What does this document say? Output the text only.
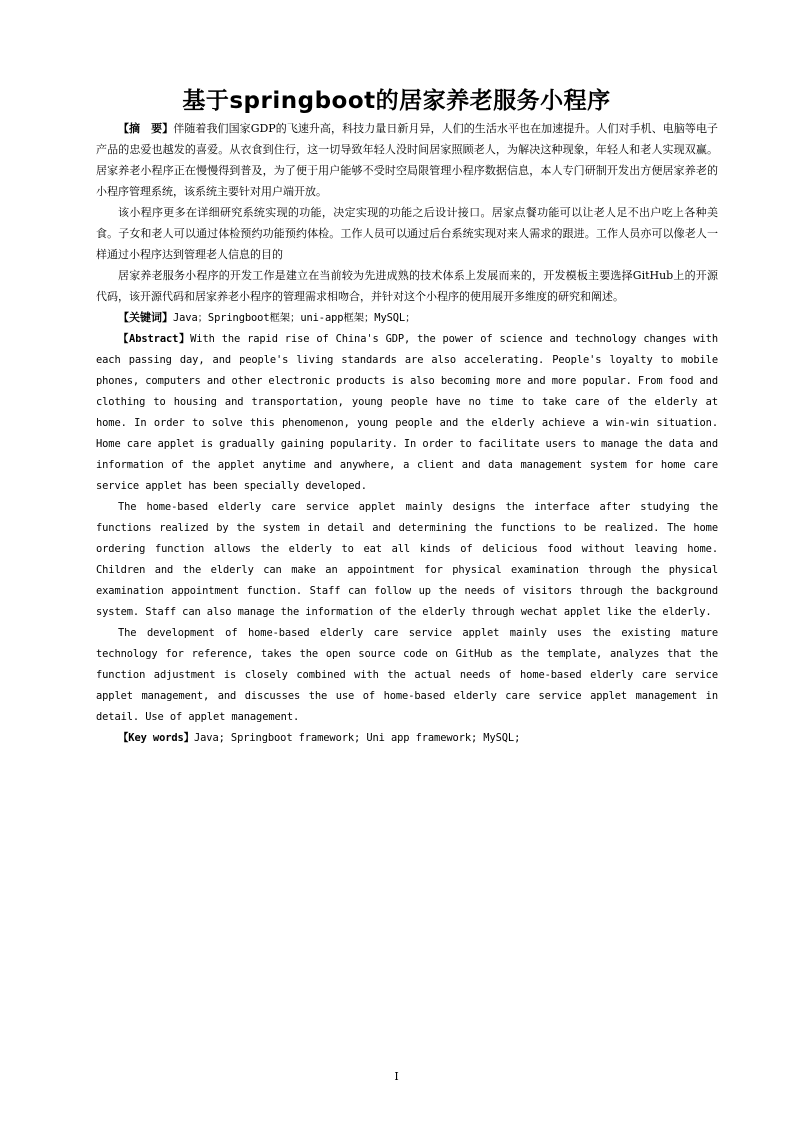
基于springboot的居家养老服务小程序

【摘　要】伴随着我们国家GDP的飞速升高，科技力量日新月异，人们的生活水平也在加速提升。人们对手机、电脑等电子产品的忠爱也越发的喜爱。从衣食到住行，这一切导致年轻人没时间居家照顾老人，为解决这种现象，年轻人和老人实现双赢。居家养老小程序正在慢慢得到普及，为了便于用户能够不受时空局限管理小程序数据信息，本人专门研制开发出方便居家养老的小程序管理系统，该系统主要针对用户端开放。

该小程序更多在详细研究系统实现的功能，决定实现的功能之后设计接口。居家点餐功能可以让老人足不出户吃上各种美食。子女和老人可以通过体检预约功能预约体检。工作人员可以通过后台系统实现对来人需求的跟进。工作人员亦可以像老人一样通过小程序达到管理老人信息的目的

居家养老服务小程序的开发工作是建立在当前较为先进成熟的技术体系上发展而来的，开发模板主要选择GitHub上的开源代码，该开源代码和居家养老小程序的管理需求相吻合，并针对这个小程序的使用展开多维度的研究和阐述。

【关键词】Java；Springboot框架；uni-app框架；MySQL；

【Abstract】With the rapid rise of China's GDP, the power of science and technology changes with each passing day, and people's living standards are also accelerating. People's loyalty to mobile phones, computers and other electronic products is also becoming more and more popular. From food and clothing to housing and transportation, young people have no time to take care of the elderly at home. In order to solve this phenomenon, young people and the elderly achieve a win-win situation. Home care applet is gradually gaining popularity. In order to facilitate users to manage the data and information of the applet anytime and anywhere, a client and data management system for home care service applet has been specially developed.

The home-based elderly care service applet mainly designs the interface after studying the functions realized by the system in detail and determining the functions to be realized. The home ordering function allows the elderly to eat all kinds of delicious food without leaving home. Children and the elderly can make an appointment for physical examination through the physical examination appointment function. Staff can follow up the needs of visitors through the background system. Staff can also manage the information of the elderly through wechat applet like the elderly.

The development of home-based elderly care service applet mainly uses the existing mature technology for reference, takes the open source code on GitHub as the template, analyzes that the function adjustment is closely combined with the actual needs of home-based elderly care service applet management, and discusses the use of home-based elderly care service applet management in detail. Use of applet management.

【Key words】Java; Springboot framework; Uni app framework; MySQL;

I
